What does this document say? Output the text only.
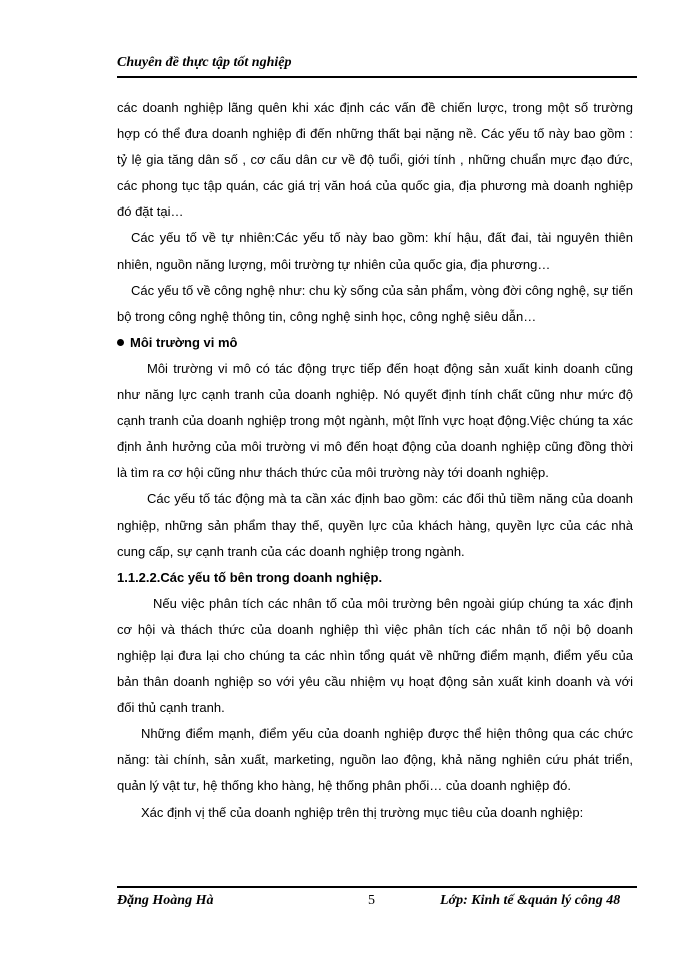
Chuyên đề thực tập tốt nghiệp

các doanh nghiệp lãng quên khi xác định các vấn đề chiến lược, trong một số trường hợp có thể đưa doanh nghiệp đi đến những thất bại nặng nề. Các yếu tố này bao gồm : tỷ lệ gia tăng dân số , cơ cấu dân cư về độ tuổi, giới tính , những chuẩn mực đạo đức, các phong tục tập quán, các giá trị văn hoá của quốc gia, địa phương mà doanh nghiệp đó đặt tại…

Các yếu tố về tự nhiên:Các yếu tố này bao gồm: khí hậu, đất đai, tài nguyên thiên nhiên, nguồn năng lượng, môi trường tự nhiên của quốc gia, địa phương…

Các yếu tố về công nghệ như: chu kỳ sống của sản phẩm, vòng đời công nghệ, sự tiến bộ trong công nghệ thông tin, công nghệ sinh học, công nghệ siêu dẫn…

Môi trường vi mô

Môi trường vi mô có tác động trực tiếp đến hoạt động sản xuất kinh doanh cũng như năng lực cạnh tranh của doanh nghiệp. Nó quyết định tính chất cũng như mức độ cạnh tranh của doanh nghiệp trong một ngành, một lĩnh vực hoạt động.Việc chúng ta xác định ảnh hưởng của môi trường vi mô đến hoạt động của doanh nghiệp cũng đồng thời là tìm ra cơ hội cũng như thách thức của môi trường này tới doanh nghiệp.

Các yếu tố tác động mà ta cần xác định bao gồm: các đối thủ tiềm năng của doanh nghiệp, những sản phẩm thay thế, quyền lực của khách hàng, quyền lực của các nhà cung cấp, sự cạnh tranh của các doanh nghiệp trong ngành.

1.1.2.2.Các yếu tố bên trong doanh nghiệp.

Nếu việc phân tích các nhân tố của môi trường bên ngoài giúp chúng ta xác định cơ hội và thách thức của doanh nghiệp thì việc phân tích các nhân tố nội bộ doanh nghiệp lại đưa lại cho chúng ta các nhìn tổng quát về những điểm mạnh, điểm yếu của bản thân doanh nghiệp so với yêu cầu nhiệm vụ hoạt động sản xuất kinh doanh và với đối thủ cạnh tranh.

Những điểm mạnh, điểm yếu của doanh nghiệp được thể hiện thông qua các chức năng: tài chính, sản xuất, marketing, nguồn lao động, khả năng nghiên cứu phát triển, quản lý vật tư, hệ thống kho hàng, hệ thống phân phối… của doanh nghiệp đó.

Xác định vị thế của doanh nghiệp trên thị trường mục tiêu của doanh nghiệp:

Đặng Hoàng Hà	5	Lớp: Kinh tế &quản lý công 48
